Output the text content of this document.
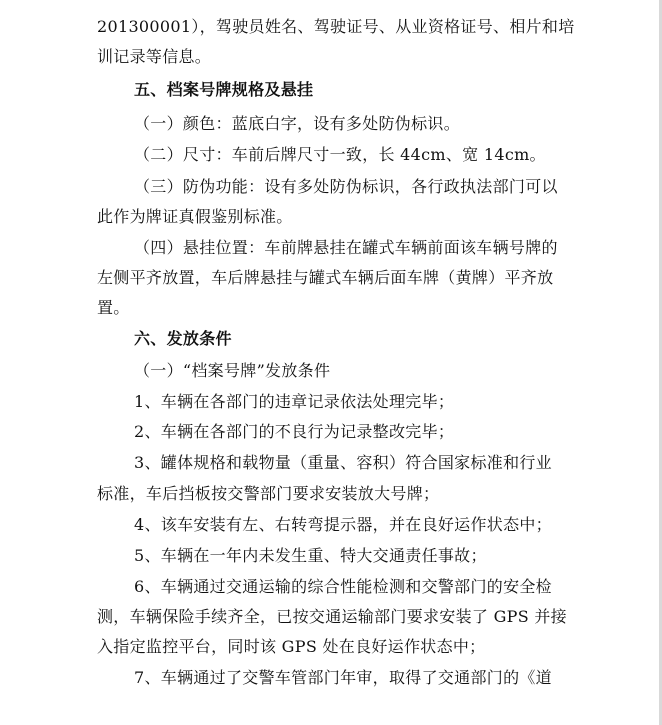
201300001），驾驶员姓名、驾驶证号、从业资格证号、相片和培
训记录等信息。
五、档案号牌规格及悬挂
（一）颜色：蓝底白字，设有多处防伪标识。
（二）尺寸：车前后牌尺寸一致，长 44cm、宽 14cm。
（三）防伪功能：设有多处防伪标识，各行政执法部门可以
此作为牌证真假鉴别标准。
（四）悬挂位置：车前牌悬挂在罐式车辆前面该车辆号牌的
左侧平齐放置，车后牌悬挂与罐式车辆后面车牌（黄牌）平齐放
置。
六、发放条件
（一）“档案号牌”发放条件
1、车辆在各部门的违章记录依法处理完毕；
2、车辆在各部门的不良行为记录整改完毕；
3、罐体规格和载物量（重量、容积）符合国家标准和行业
标准，车后挡板按交警部门要求安装放大号牌；
4、该车安装有左、右转弯提示器，并在良好运作状态中；
5、车辆在一年内未发生重、特大交通责任事故；
6、车辆通过交通运输的综合性能检测和交警部门的安全检
测，车辆保险手续齐全，已按交通运输部门要求安装了 GPS 并接
入指定监控平台，同时该 GPS 处在良好运作状态中；
7、车辆通过了交警车管部门年审，取得了交通部门的《道
